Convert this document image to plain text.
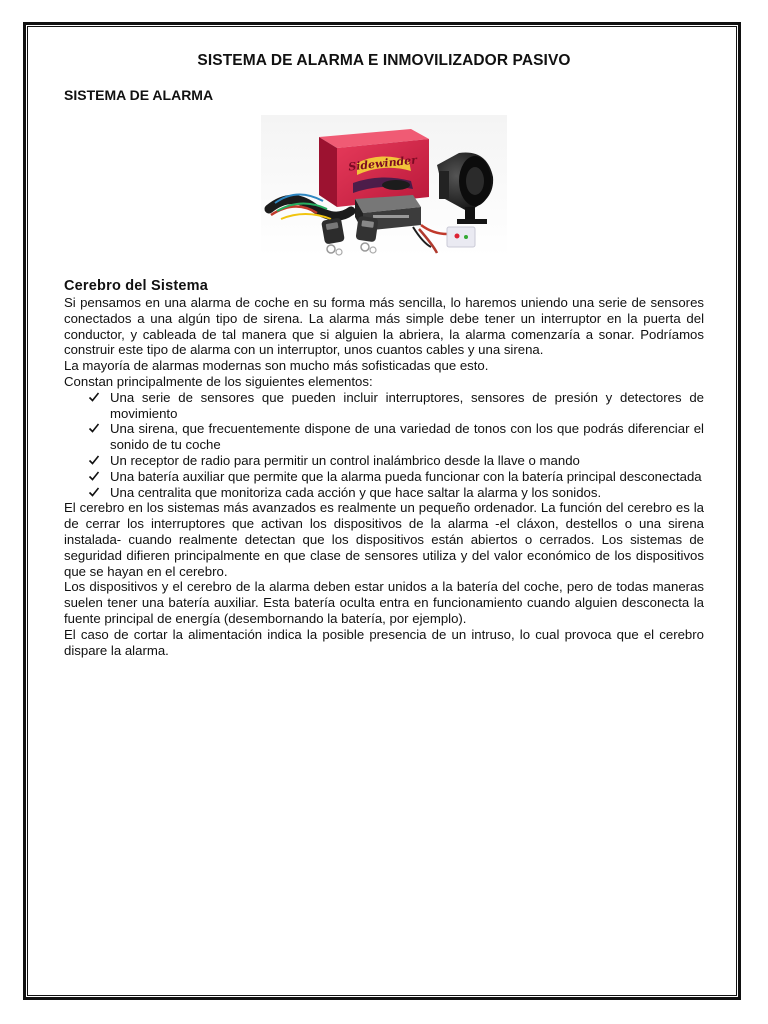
SISTEMA DE ALARMA E INMOVILIZADOR PASIVO
SISTEMA DE ALARMA
Sidewinder
Cerebro del Sistema

Si pensamos en una alarma de coche en su forma más sencilla, lo haremos uniendo una serie de sensores conectados a una algún tipo de sirena. La alarma más simple debe tener un interruptor en la puerta del conductor, y cableada de tal manera que si alguien la abriera, la alarma comenzaría a sonar. Podríamos construir este tipo de alarma con un interruptor, unos cuantos cables y una sirena.

La mayoría de alarmas modernas son mucho más sofisticadas que esto.

Constan principalmente de los siguientes elementos:

Una serie de sensores que pueden incluir interruptores, sensores de presión y detectores de movimiento
Una sirena, que frecuentemente dispone de una variedad de tonos con los que podrás diferenciar el sonido de tu coche
Un receptor de radio para permitir un control inalámbrico desde la llave o mando
Una batería auxiliar que permite que la alarma pueda funcionar con la batería principal desconectada
Una centralita que monitoriza cada acción y que hace saltar la alarma y los sonidos.

El cerebro en los sistemas más avanzados es realmente un pequeño ordenador. La función del cerebro es la de cerrar los interruptores que activan los dispositivos de la alarma -el cláxon, destellos o una sirena instalada- cuando realmente detectan que los dispositivos están abiertos o cerrados. Los sistemas de seguridad difieren principalmente en que clase de sensores utiliza y del valor económico de los dispositivos que se hayan en el cerebro.

Los dispositivos y el cerebro de la alarma deben estar unidos a la batería del coche, pero de todas maneras suelen tener una batería auxiliar. Esta batería oculta entra en funcionamiento cuando alguien desconecta la fuente principal de energía (desembornando la batería, por ejemplo).

El caso de cortar la alimentación indica la posible presencia de un intruso, lo cual provoca que el cerebro dispare la alarma.
